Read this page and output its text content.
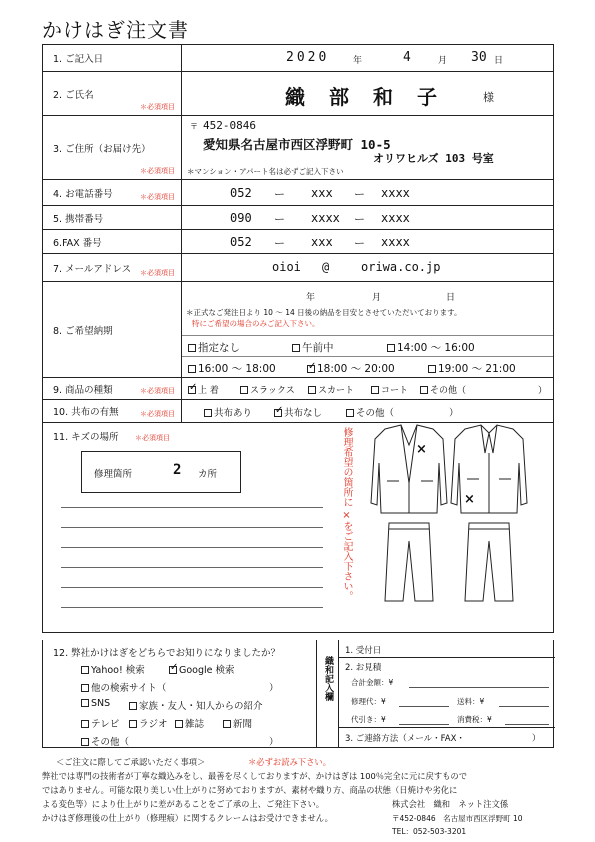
かけはぎ注文書
1. ご記入日	2020	年	4	月 30 日
2. ご氏名
＊必須項目	織　部　和　子	様
3. ご住所（お届け先）
＊必須項目
〒 452-0846
愛知県名古屋市西区浮野町 10-5
オリワヒルズ 103 号室
＊マンション・アパート名は必ずご記入下さい
4. お電話番号	＊必須項目	052 ー xxx ー xxxx
5. 携帯番号	090 ー xxxx ー xxxx
6.FAX 番号	052 ー xxx ー xxxx
7. メールアドレス ＊必須項目	oioi @	oriwa.co.jp
8. ご希望納期
年	月	日
＊正式なご発注日より 10 ～ 14 日後の納品を目安とさせていただいております。
特にご希望の場合のみご記入下さい。
指定なし	午前中	14:00 ～ 16:00
16:00 ～ 18:00 ✓	18:00 ～ 20:00	19:00 ～ 21:00
9. 商品の種類	＊必須項目 ✓	上 着	スラックス	スカート	コート	その他（	）
10. 共布の有無	＊必須項目	共布あり ✓	共布なし	その他（	）
11. キズの場所 ＊必須項目
修理箇所	2 カ所	修理希望の箇所に ×をご記入下さい。	×
×
12. 弊社かけはぎをどちらでお知りになりましたか？
Yahoo! 検索 ✓	Google 検索
他の検索サイト（	）
SNS	家族・友人・知人からの紹介
テレビ	ラジオ	雑誌	新聞
その他（	）
織和記入欄
1. 受付日
2. お見積
合計金額：¥
修理代：¥	送料：¥
代引き：¥	消費税：¥
3. ご連絡方法（メール・FAX・	）
＜ご注文に際してご承認いただく事項＞	＊必ずお読み下さい。
弊社では専門の技術者が丁寧な織込みをし、最善を尽くしておりますが、かけはぎは 100％完全に元に戻すもので
ではありません。可能な限り美しい仕上がりに努めておりますが、素材や織り方、商品の状態（日焼けや劣化に
よる変色等）により仕上がりに差があることをご了承の上、ご発注下さい。	株式会社　織和　ネット注文係
かけはぎ修理後の仕上がり（修理痕）に関するクレームはお受けできません。	〒452-0846　名古屋市西区浮野町 10
TEL：052-503-3201
